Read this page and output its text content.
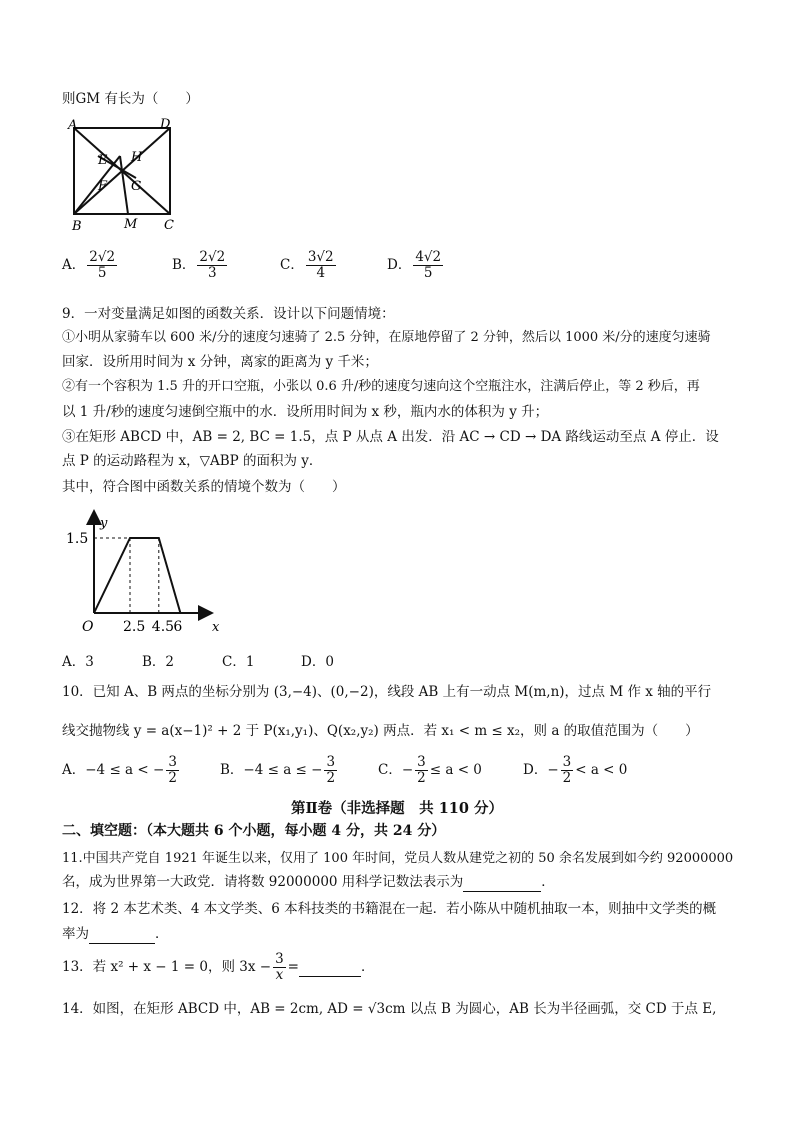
则GM 有长为（　　）
A	D
E H
F G
B	M C
A． $\frac{2√2}{5}$	B． $\frac{2√2}{3}$	C． $\frac{3√2}{4}$	D． $\frac{4√2}{5}$
9．一对变量满足如图的函数关系．设计以下问题情境：
①小明从家骑车以 600 米/分的速度匀速骑了 2.5 分钟，在原地停留了 2 分钟，然后以 1000 米/分的速度匀速骑
回家．设所用时间为 x 分钟，离家的距离为 y 千米；
②有一个容积为 1.5 升的开口空瓶，小张以 0.6 升/秒的速度匀速向这个空瓶注水，注满后停止，等 2 秒后，再
以 1 升/秒的速度匀速倒空瓶中的水．设所用时间为 x 秒，瓶内水的体积为 y 升；
③在矩形 ABCD 中，AB = 2, BC = 1.5，点 P 从点 A 出发．沿 AC → CD → DA 路线运动至点 A 停止．设
点 P 的运动路程为 x，▽ABP 的面积为 y．
其中，符合图中函数关系的情境个数为（　　）
2.5 4.5 6
1.5
O	x
y
A．3	B．2	C．1	D．0
10．已知 A、B 两点的坐标分别为 (3,−4)、(0,−2)，线段 AB 上有一动点 M(m,n)，过点 M 作 x 轴的平行
线交抛物线 y = a(x−1)² + 2 于 P(x₁,y₁)、Q(x₂,y₂) 两点．若 x₁ < m ≤ x₂，则 a 的取值范围为（　　）
A．−4 ≤ a < − $\frac{3}{2}$	B．−4 ≤ a ≤ − $\frac{3}{2}$	C．− $\frac{3}{2} \le a < 0$	D．− $\frac{3}{2} < a < 0$
第Ⅱ卷（非选择题　共 110 分）
二、填空题：（本大题共 6 个小题，每小题 4 分，共 24 分）
11.中国共产党自 1921 年诞生以来，仅用了 100 年时间，党员人数从建党之初的 50 余名发展到如今约 92000000
名，成为世界第一大政党．请将数 92000000 用科学记数法表示为	．
12．将 2 本艺术类、4 本文学类、6 本科技类的书籍混在一起．若小陈从中随机抽取一本，则抽中文学类的概
率为	．
13．若 x² + x − 1 = 0，则 $3x - \frac{3}{x}$ =	．
14．如图，在矩形 ABCD 中，AB = 2cm, AD = √3cm 以点 B 为圆心，AB 长为半径画弧，交 CD 于点 E,
